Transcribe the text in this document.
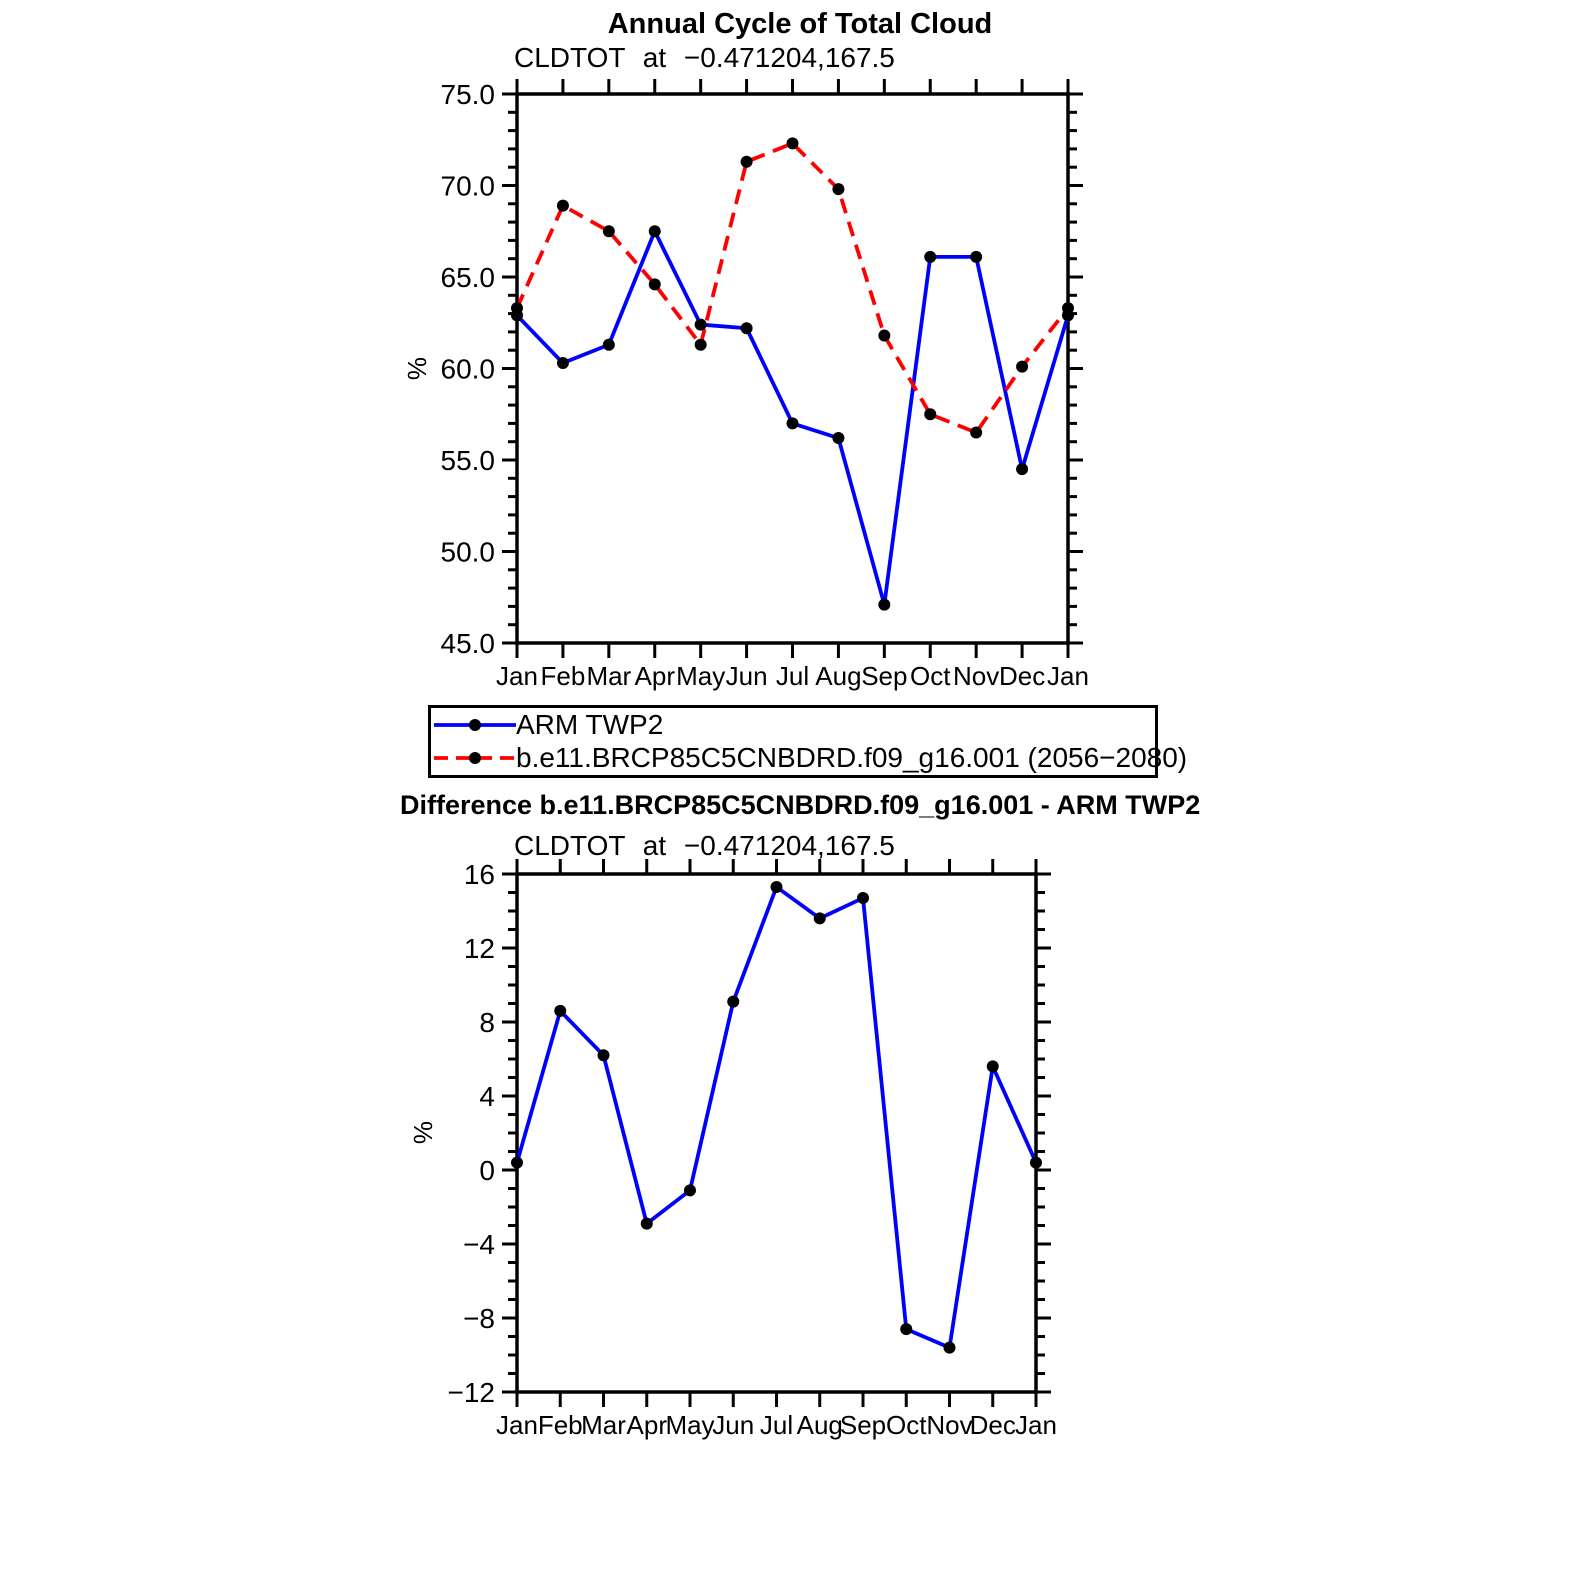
Annual Cycle of Total Cloud
CLDTOT at −0.471204,167.5
%
Jan Feb Mar Apr May Jun Jul Aug Sep Oct Nov Dec Jan
45.0
50.0
55.0
60.0
65.0
70.0
75.0
Jan Feb
Mar Apr
May
Jun Jul Aug
Sep Oct Nov
Dec Jan
−12
−8
−4
0
4
8
12
16
ARM TWP2
b.e11.BRCP85C5CNBDRD.f09_g16.001 (2056−2080)
Difference b.e11.BRCP85C5CNBDRD.f09_g16.001 - ARM TWP2
CLDTOT at −0.471204,167.5
%
